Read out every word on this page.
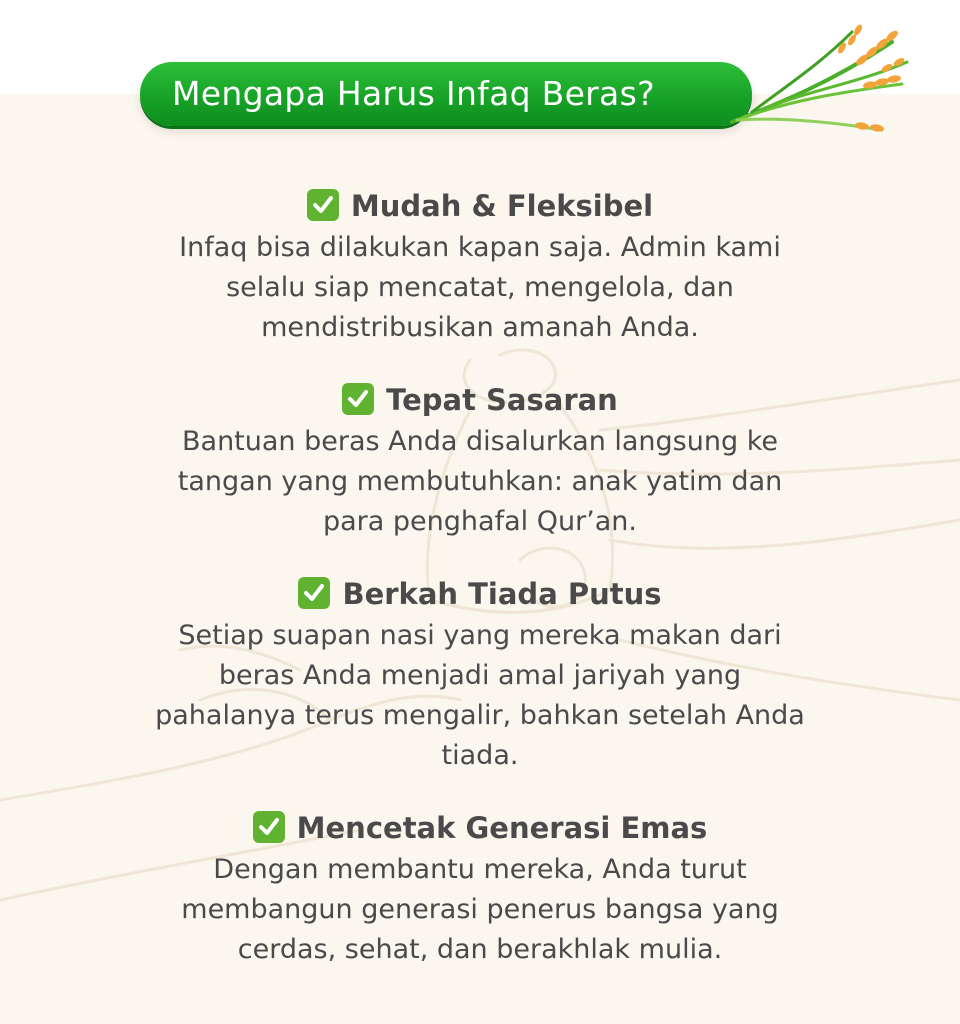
Mengapa Harus Infaq Beras?
Mudah & Fleksibel
Infaq bisa dilakukan kapan saja. Admin kami
selalu siap mencatat, mengelola, dan
mendistribusikan amanah Anda.
Tepat Sasaran
Bantuan beras Anda disalurkan langsung ke
tangan yang membutuhkan: anak yatim dan
para penghafal Qur’an.
Berkah Tiada Putus
Setiap suapan nasi yang mereka makan dari
beras Anda menjadi amal jariyah yang
pahalanya terus mengalir, bahkan setelah Anda
tiada.
Mencetak Generasi Emas
Dengan membantu mereka, Anda turut
membangun generasi penerus bangsa yang
cerdas, sehat, dan berakhlak mulia.
